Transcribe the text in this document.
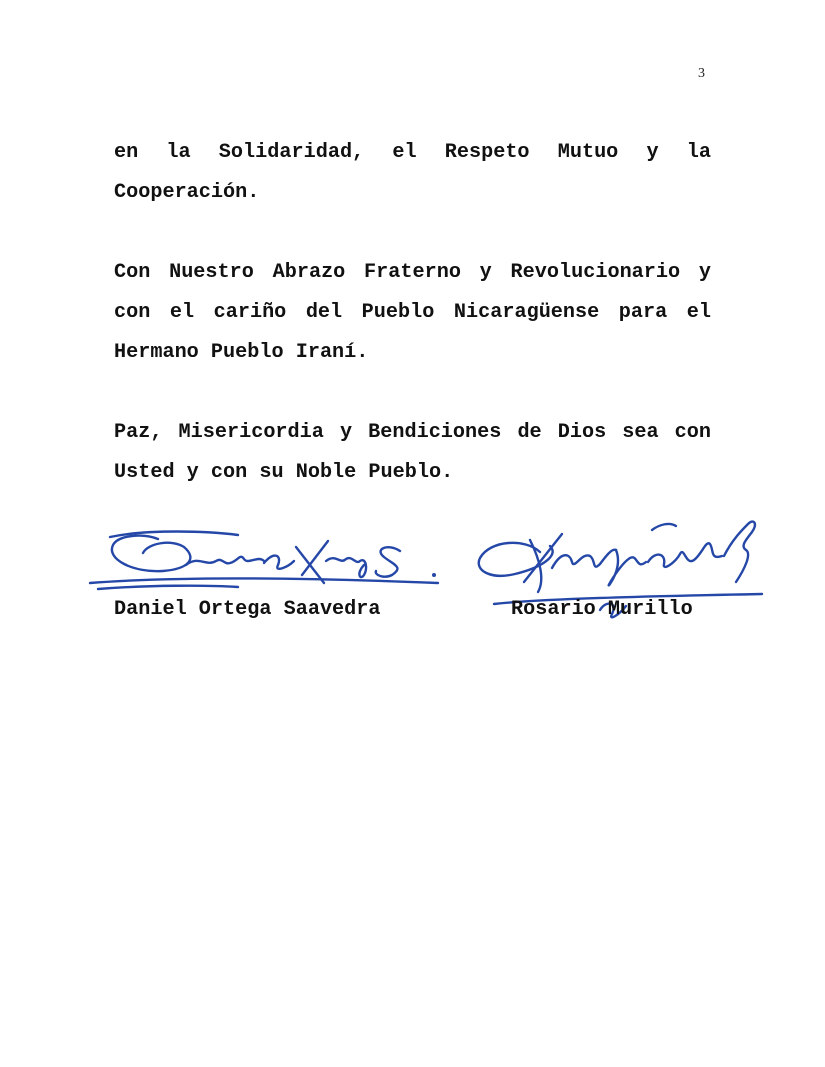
3

en la Solidaridad, el Respeto Mutuo y la Cooperación.

Con Nuestro Abrazo Fraterno y Revolucionario y con el cariño del Pueblo Nicaragüense para el Hermano Pueblo Iraní.

Paz, Misericordia y Bendiciones de Dios sea con Usted y con su Noble Pueblo.

Daniel Ortega Saavedra	Rosario Murillo
